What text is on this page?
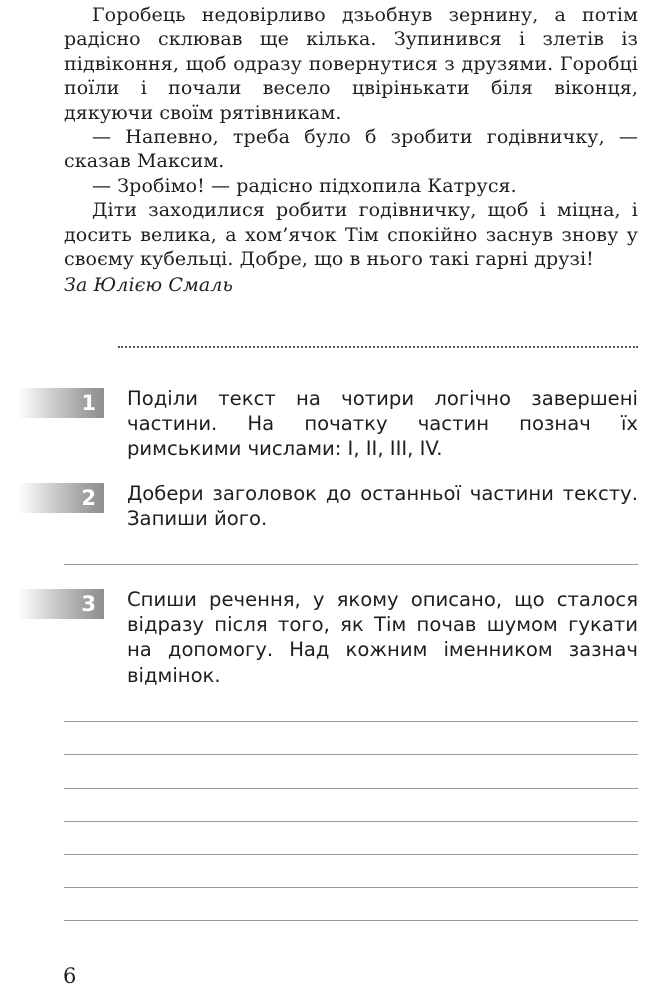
Горобець недовірливо дзьобнув зернину, а потім радісно склював ще кілька. Зупинився і злетів із підвіконня, щоб одразу повернутися з друзями. Горобці поїли і почали весело цвірінькати біля віконця, дякуючи своїм рятівникам.

— Напевно, треба було б зробити годівничку, — сказав Максим.

— Зробімо! — радісно підхопила Катруся.

Діти заходилися робити годівничку, щоб і міцна, і досить велика, а хом’ячок Тім спокійно заснув знову у своєму кубельці. Добре, що в нього такі гарні друзі!

За Юлією Смаль

1 Поділи текст на чотири логічно завершені частини. На початку частин познач їх римськими числами: I, II, III, IV.
2 Добери заголовок до останньої частини тексту. Запиши його.
3 Спиши речення, у якому описано, що сталося відразу після того, як Тім почав шумом гукати на допомогу. Над кожним іменником зазнач відмінок.
6
